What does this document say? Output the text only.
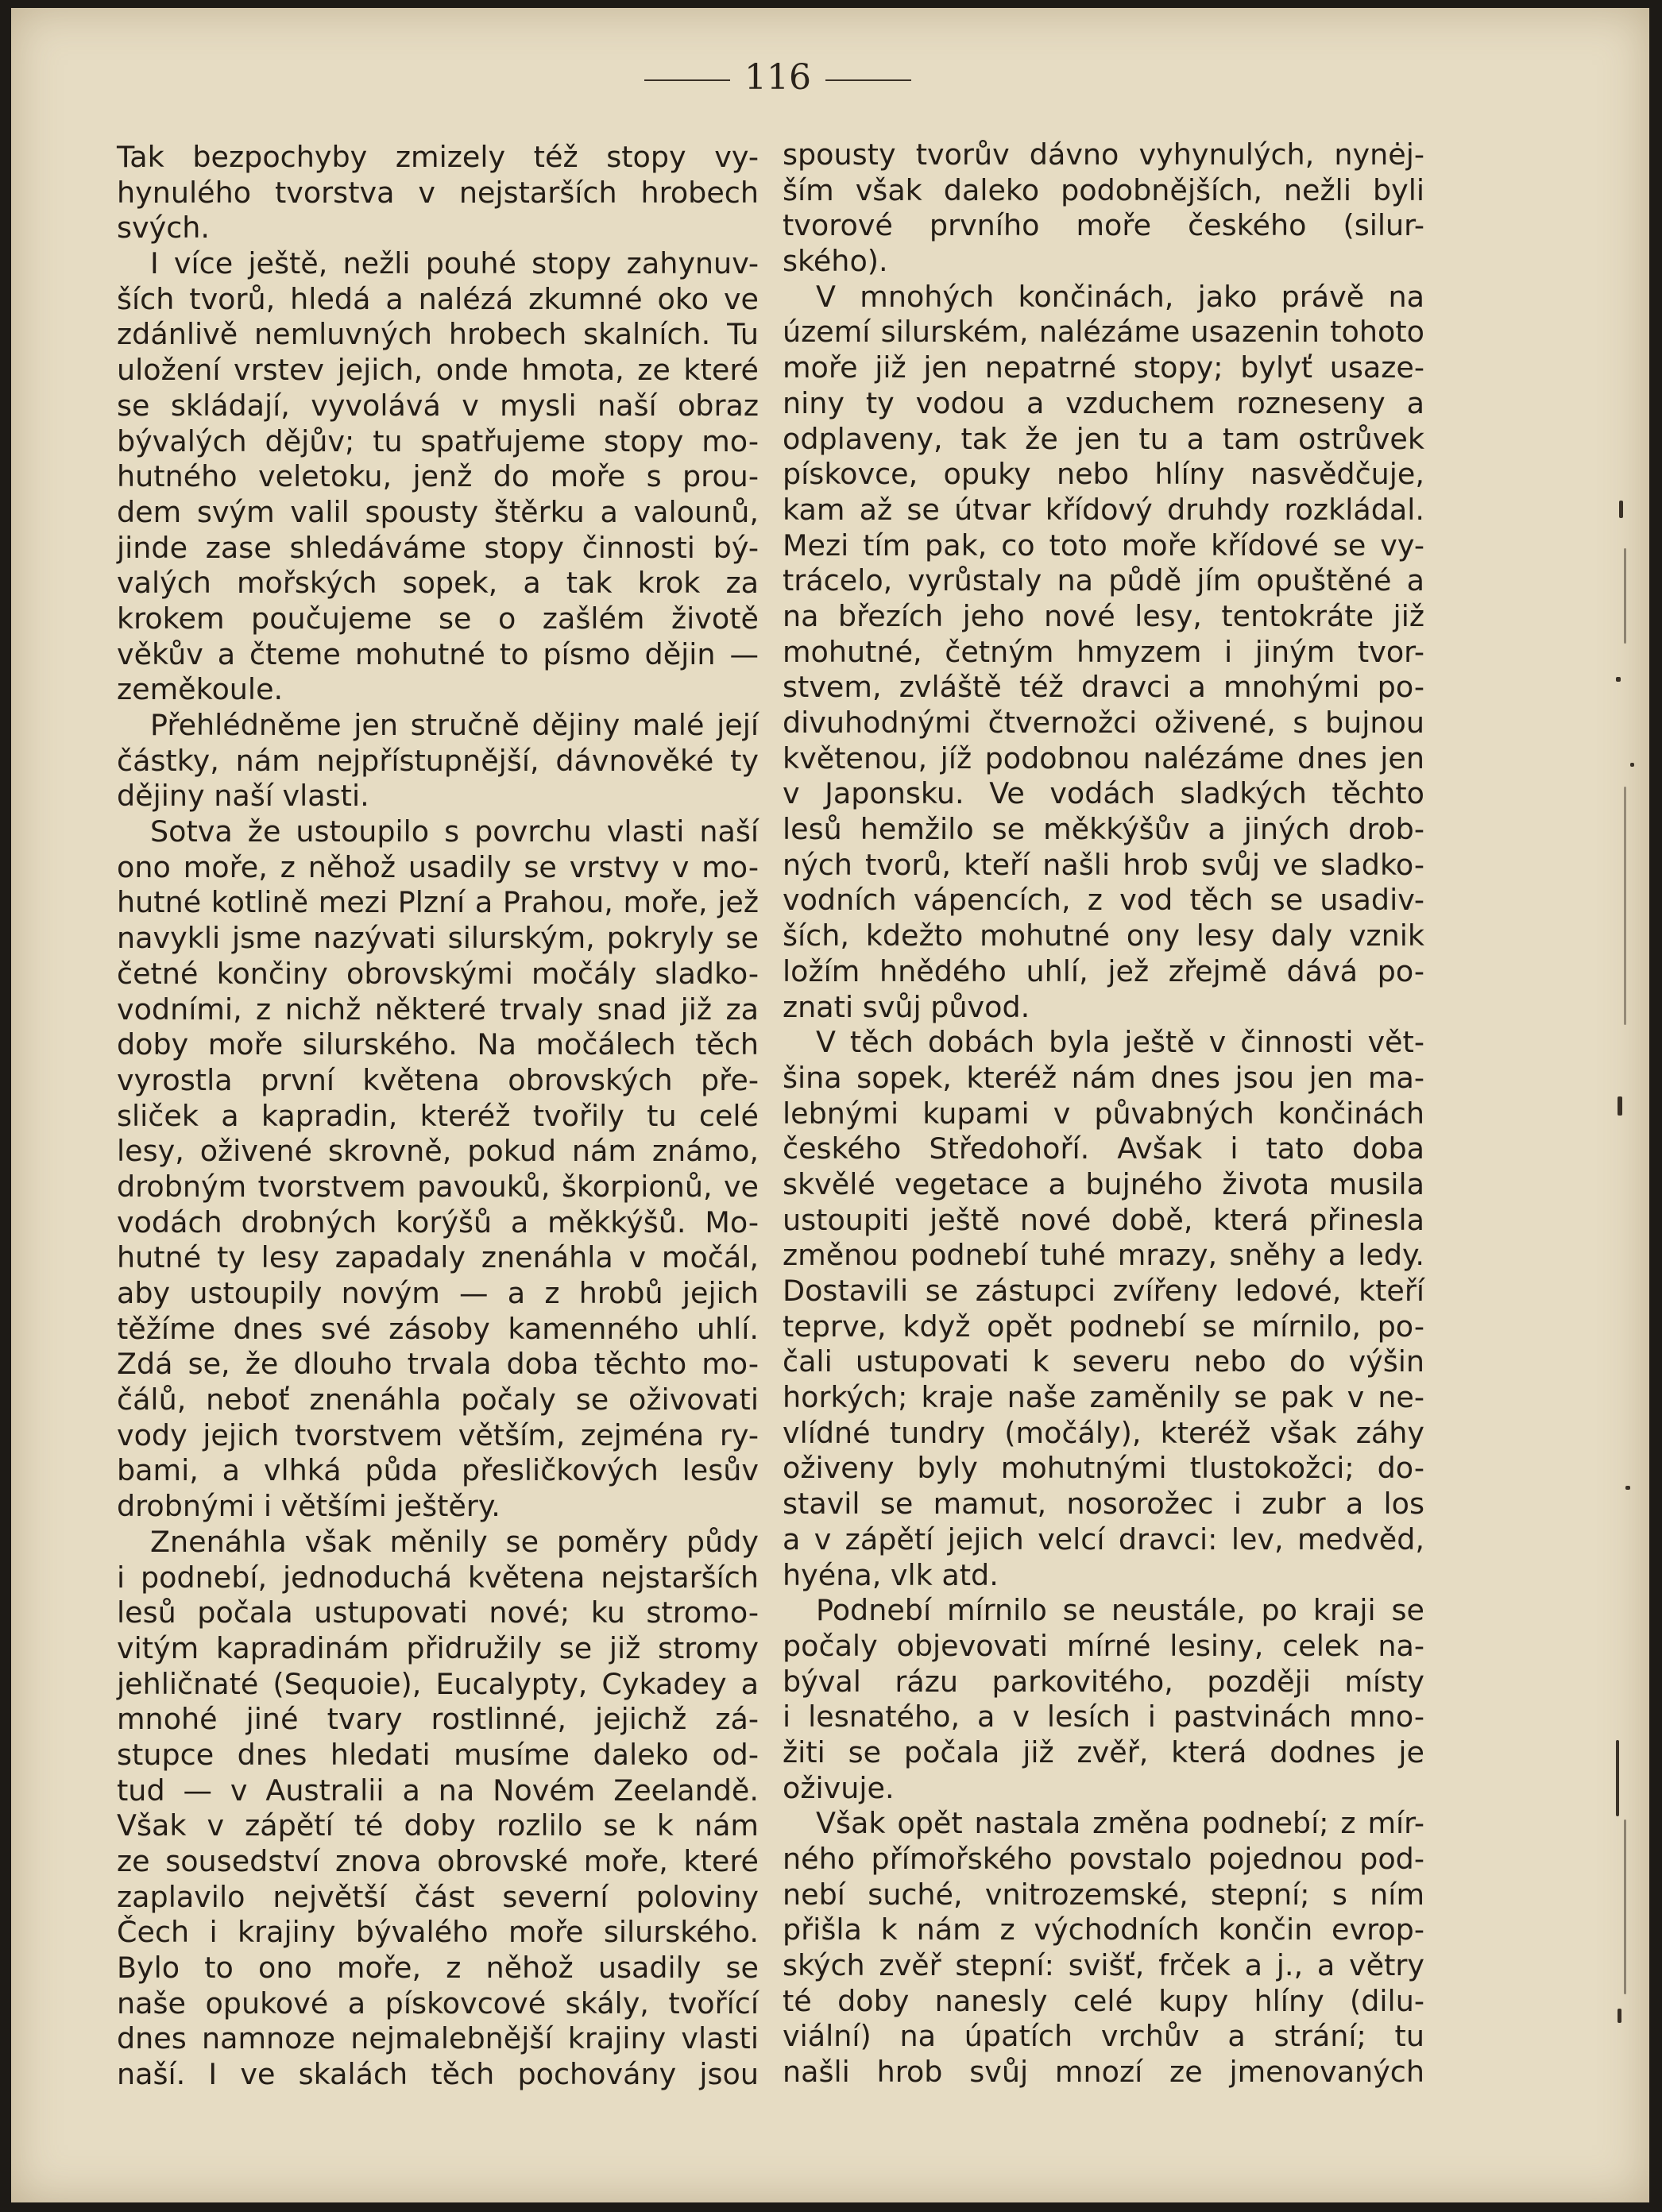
116
Tak bezpochyby zmizely též stopy vy-
hynulého tvorstva v nejstarších hrobech
svých.
I více ještě, nežli pouhé stopy zahynuv-
ších tvorů, hledá a nalézá zkumné oko ve
zdánlivě nemluvných hrobech skalních. Tu
uložení vrstev jejich, onde hmota, ze které
se skládají, vyvolává v mysli naší obraz
bývalých dějův; tu spatřujeme stopy mo-
hutného veletoku, jenž do moře s prou-
dem svým valil spousty štěrku a valounů,
jinde zase shledáváme stopy činnosti bý-
valých mořských sopek, a tak krok za
krokem poučujeme se o zašlém životě
věkův a čteme mohutné to písmo dějin —
zeměkoule.
Přehlédněme jen stručně dějiny malé její
částky, nám nejpřístupnější, dávnověké ty
dějiny naší vlasti.
Sotva že ustoupilo s povrchu vlasti naší
ono moře, z něhož usadily se vrstvy v mo-
hutné kotlině mezi Plzní a Prahou, moře, jež
navykli jsme nazývati silurským, pokryly se
četné končiny obrovskými močály sladko-
vodními, z nichž některé trvaly snad již za
doby moře silurského. Na močálech těch
vyrostla první květena obrovských pře-
sliček a kapradin, kteréž tvořily tu celé
lesy, oživené skrovně, pokud nám známo,
drobným tvorstvem pavouků, škorpionů, ve
vodách drobných korýšů a měkkýšů. Mo-
hutné ty lesy zapadaly znenáhla v močál,
aby ustoupily novým — a z hrobů jejich
těžíme dnes své zásoby kamenného uhlí.
Zdá se, že dlouho trvala doba těchto mo-
čálů, neboť znenáhla počaly se oživovati
vody jejich tvorstvem větším, zejména ry-
bami, a vlhká půda přesličkových lesův
drobnými i většími ještěry.
Znenáhla však měnily se poměry půdy
i podnebí, jednoduchá květena nejstarších
lesů počala ustupovati nové; ku stromo-
vitým kapradinám přidružily se již stromy
jehličnaté (Sequoie), Eucalypty, Cykadey a
mnohé jiné tvary rostlinné, jejichž zá-
stupce dnes hledati musíme daleko od-
tud — v Australii a na Novém Zeelandě.
Však v zápětí té doby rozlilo se k nám
ze sousedství znova obrovské moře, které
zaplavilo největší část severní poloviny
Čech i krajiny bývalého moře silurského.
Bylo to ono moře, z něhož usadily se
naše opukové a pískovcové skály, tvořící
dnes namnoze nejmalebnější krajiny vlasti
naší. I ve skalách těch pochovány jsou
spousty tvorův dávno vyhynulých, nynėj-
ším však daleko podobnějších, nežli byli
tvorové prvního moře českého (silur-
ského).
V mnohých končinách, jako právě na
území silurském, nalézáme usazenin tohoto
moře již jen nepatrné stopy; bylyť usaze-
niny ty vodou a vzduchem rozneseny a
odplaveny, tak že jen tu a tam ostrůvek
pískovce, opuky nebo hlíny nasvědčuje,
kam až se útvar křídový druhdy rozkládal.
Mezi tím pak, co toto moře křídové se vy-
trácelo, vyrůstaly na půdě jím opuštěné a
na březích jeho nové lesy, tentokráte již
mohutné, četným hmyzem i jiným tvor-
stvem, zvláště též dravci a mnohými po-
divuhodnými čtvernožci oživené, s bujnou
květenou, jíž podobnou nalézáme dnes jen
v Japonsku. Ve vodách sladkých těchto
lesů hemžilo se měkkýšův a jiných drob-
ných tvorů, kteří našli hrob svůj ve sladko-
vodních vápencích, z vod těch se usadiv-
ších, kdežto mohutné ony lesy daly vznik
ložím hnědého uhlí, jež zřejmě dává po-
znati svůj původ.
V těch dobách byla ještě v činnosti vět-
šina sopek, kteréž nám dnes jsou jen ma-
lebnými kupami v půvabných končinách
českého Středohoří. Avšak i tato doba
skvělé vegetace a bujného života musila
ustoupiti ještě nové době, která přinesla
změnou podnebí tuhé mrazy, sněhy a ledy.
Dostavili se zástupci zvířeny ledové, kteří
teprve, když opět podnebí se mírnilo, po-
čali ustupovati k severu nebo do výšin
horkých; kraje naše zaměnily se pak v ne-
vlídné tundry (močály), kteréž však záhy
oživeny byly mohutnými tlustokožci; do-
stavil se mamut, nosorožec i zubr a los
a v zápětí jejich velcí dravci: lev, medvěd,
hyéna, vlk atd.
Podnebí mírnilo se neustále, po kraji se
počaly objevovati mírné lesiny, celek na-
býval rázu parkovitého, později místy
i lesnatého, a v lesích i pastvinách mno-
žiti se počala již zvěř, která dodnes je
oživuje.
Však opět nastala změna podnebí; z mír-
ného přímořského povstalo pojednou pod-
nebí suché, vnitrozemské, stepní; s ním
přišla k nám z východních končin evrop-
ských zvěř stepní: svišť, frček a j., a větry
té doby nanesly celé kupy hlíny (dilu-
viální) na úpatích vrchův a strání; tu
našli hrob svůj mnozí ze jmenovaných
